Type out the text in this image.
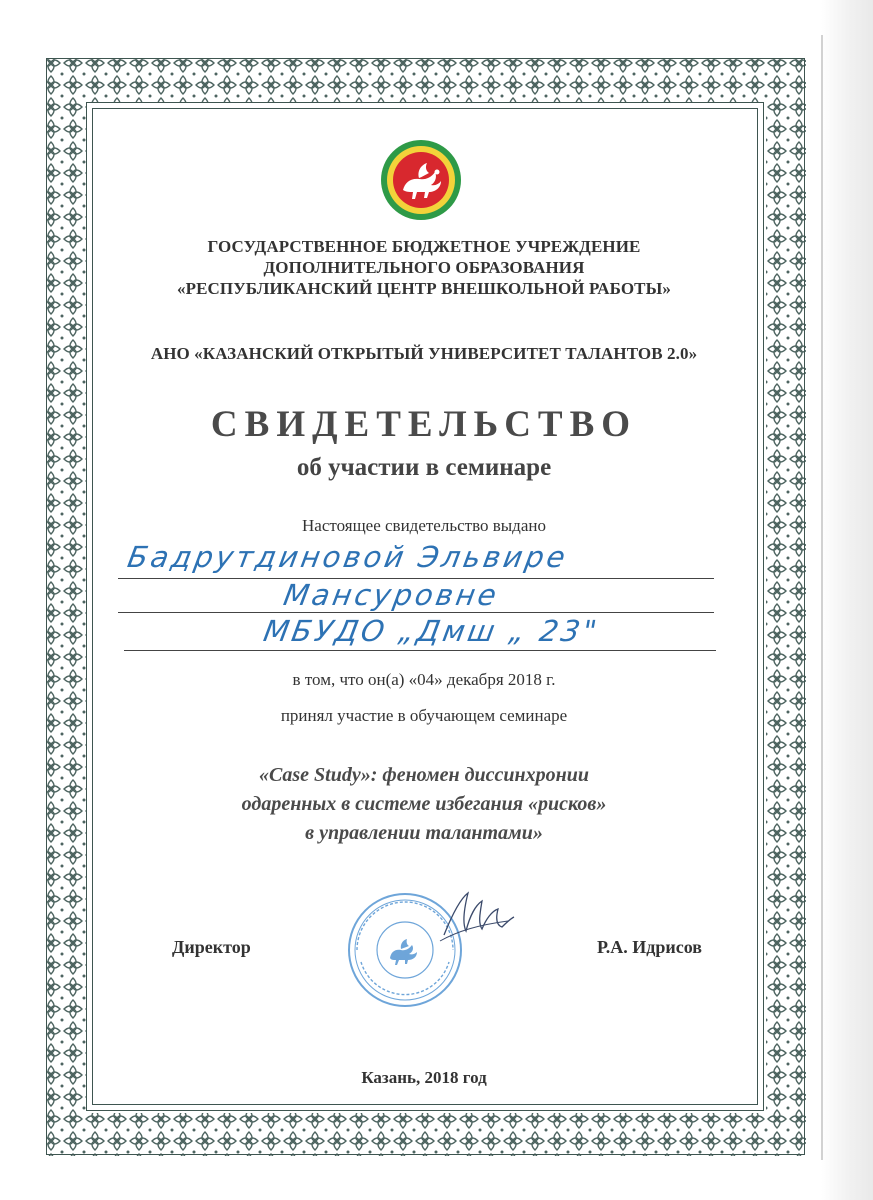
ГОСУДАРСТВЕННОЕ БЮДЖЕТНОЕ УЧРЕЖДЕНИЕ
ДОПОЛНИТЕЛЬНОГО ОБРАЗОВАНИЯ
«РЕСПУБЛИКАНСКИЙ ЦЕНТР ВНЕШКОЛЬНОЙ РАБОТЫ»
АНО «КАЗАНСКИЙ ОТКРЫТЫЙ УНИВЕРСИТЕТ ТАЛАНТОВ 2.0»
СВИДЕТЕЛЬСТВО
об участии в семинаре
Настоящее свидетельство выдано
Бадрутдиновой Эльвире
Мансуровне
МБУДО „Дмш „ 23"
в том, что он(а) «04» декабря 2018 г.
принял участие в обучающем семинаре
«Case Study»: феномен диссинхронии
одаренных в системе избегания «рисков»
в управлении талантами»
Директор	Р.А. Идрисов
Казань, 2018 год
